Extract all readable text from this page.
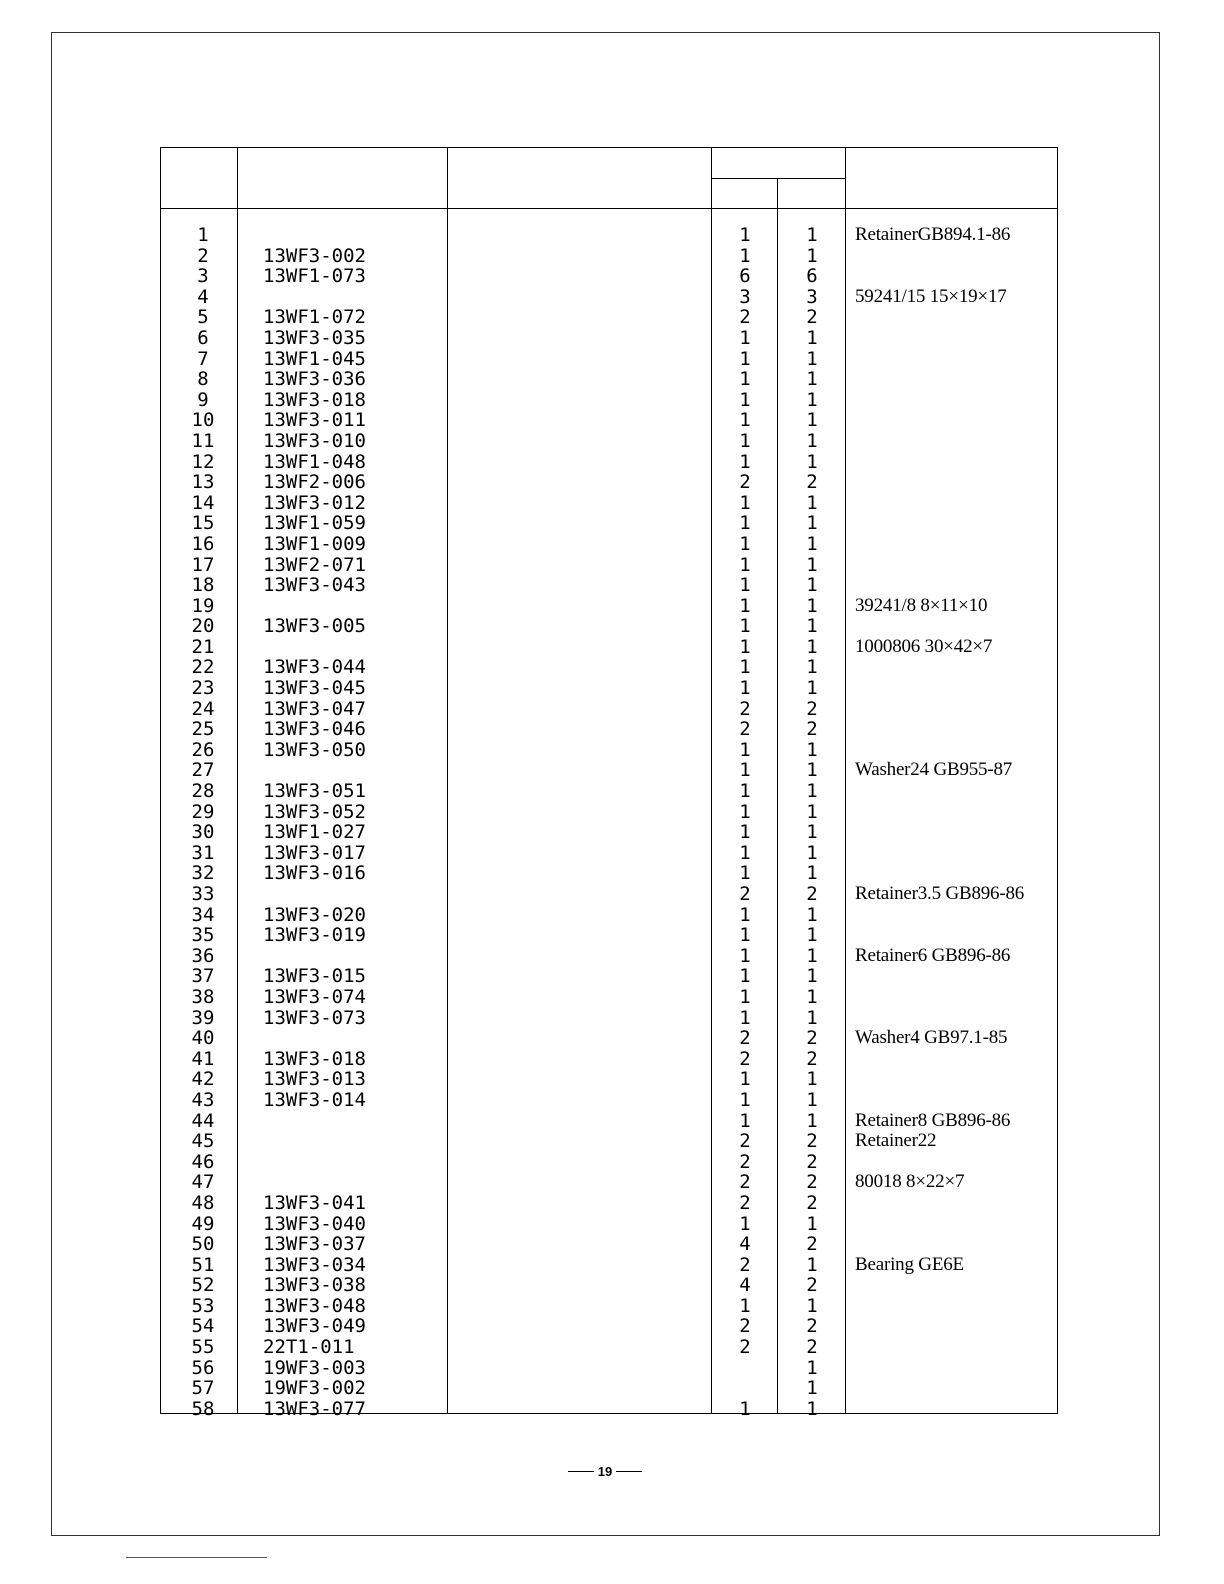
1
2
3
4
5
6
7
8
9
10
11
12
13
14
15
16
17
18
19
20
21
22
23
24
25
26
27
28
29
30
31
32
33
34
35
36
37
38
39
40
41
42
43
44
45
46
47
48
49
50
51
52
53
54
55
56
57
58
13WF3-002
13WF1-073
13WF1-072
13WF3-035
13WF1-045
13WF3-036
13WF3-018
13WF3-011
13WF3-010
13WF1-048
13WF2-006
13WF3-012
13WF1-059
13WF1-009
13WF2-071
13WF3-043
13WF3-005
13WF3-044
13WF3-045
13WF3-047
13WF3-046
13WF3-050
13WF3-051
13WF3-052
13WF1-027
13WF3-017
13WF3-016
13WF3-020
13WF3-019
13WF3-015
13WF3-074
13WF3-073
13WF3-018
13WF3-013
13WF3-014
13WF3-041
13WF3-040
13WF3-037
13WF3-034
13WF3-038
13WF3-048
13WF3-049
22T1-011
19WF3-003
19WF3-002
13WF3-077
1
1
6
3
2
1
1
1
1
1
1
1
2
1
1
1
1
1
1
1
1
1
1
2
2
1
1
1
1
1
1
1
2
1
1
1
1
1
1
2
2
1
1
1
2
2
2
2
1
4
2
4
1
2
2
1
1
1
6
3
2
1
1
1
1
1
1
1
2
1
1
1
1
1
1
1
1
1
1
2
2
1
1
1
1
1
1
1
2
1
1
1
1
1
1
2
2
1
1
1
2
2
2
2
1
2
1
2
1
2
2
1
1
1
RetainerGB894.1-86
59241/15 15×19×17
39241/8 8×11×10
1000806 30×42×7
Washer24 GB955-87
Retainer3.5 GB896-86
Retainer6 GB896-86
Washer4 GB97.1-85
Retainer8 GB896-86
Retainer22
80018 8×22×7
Bearing GE6E
19
